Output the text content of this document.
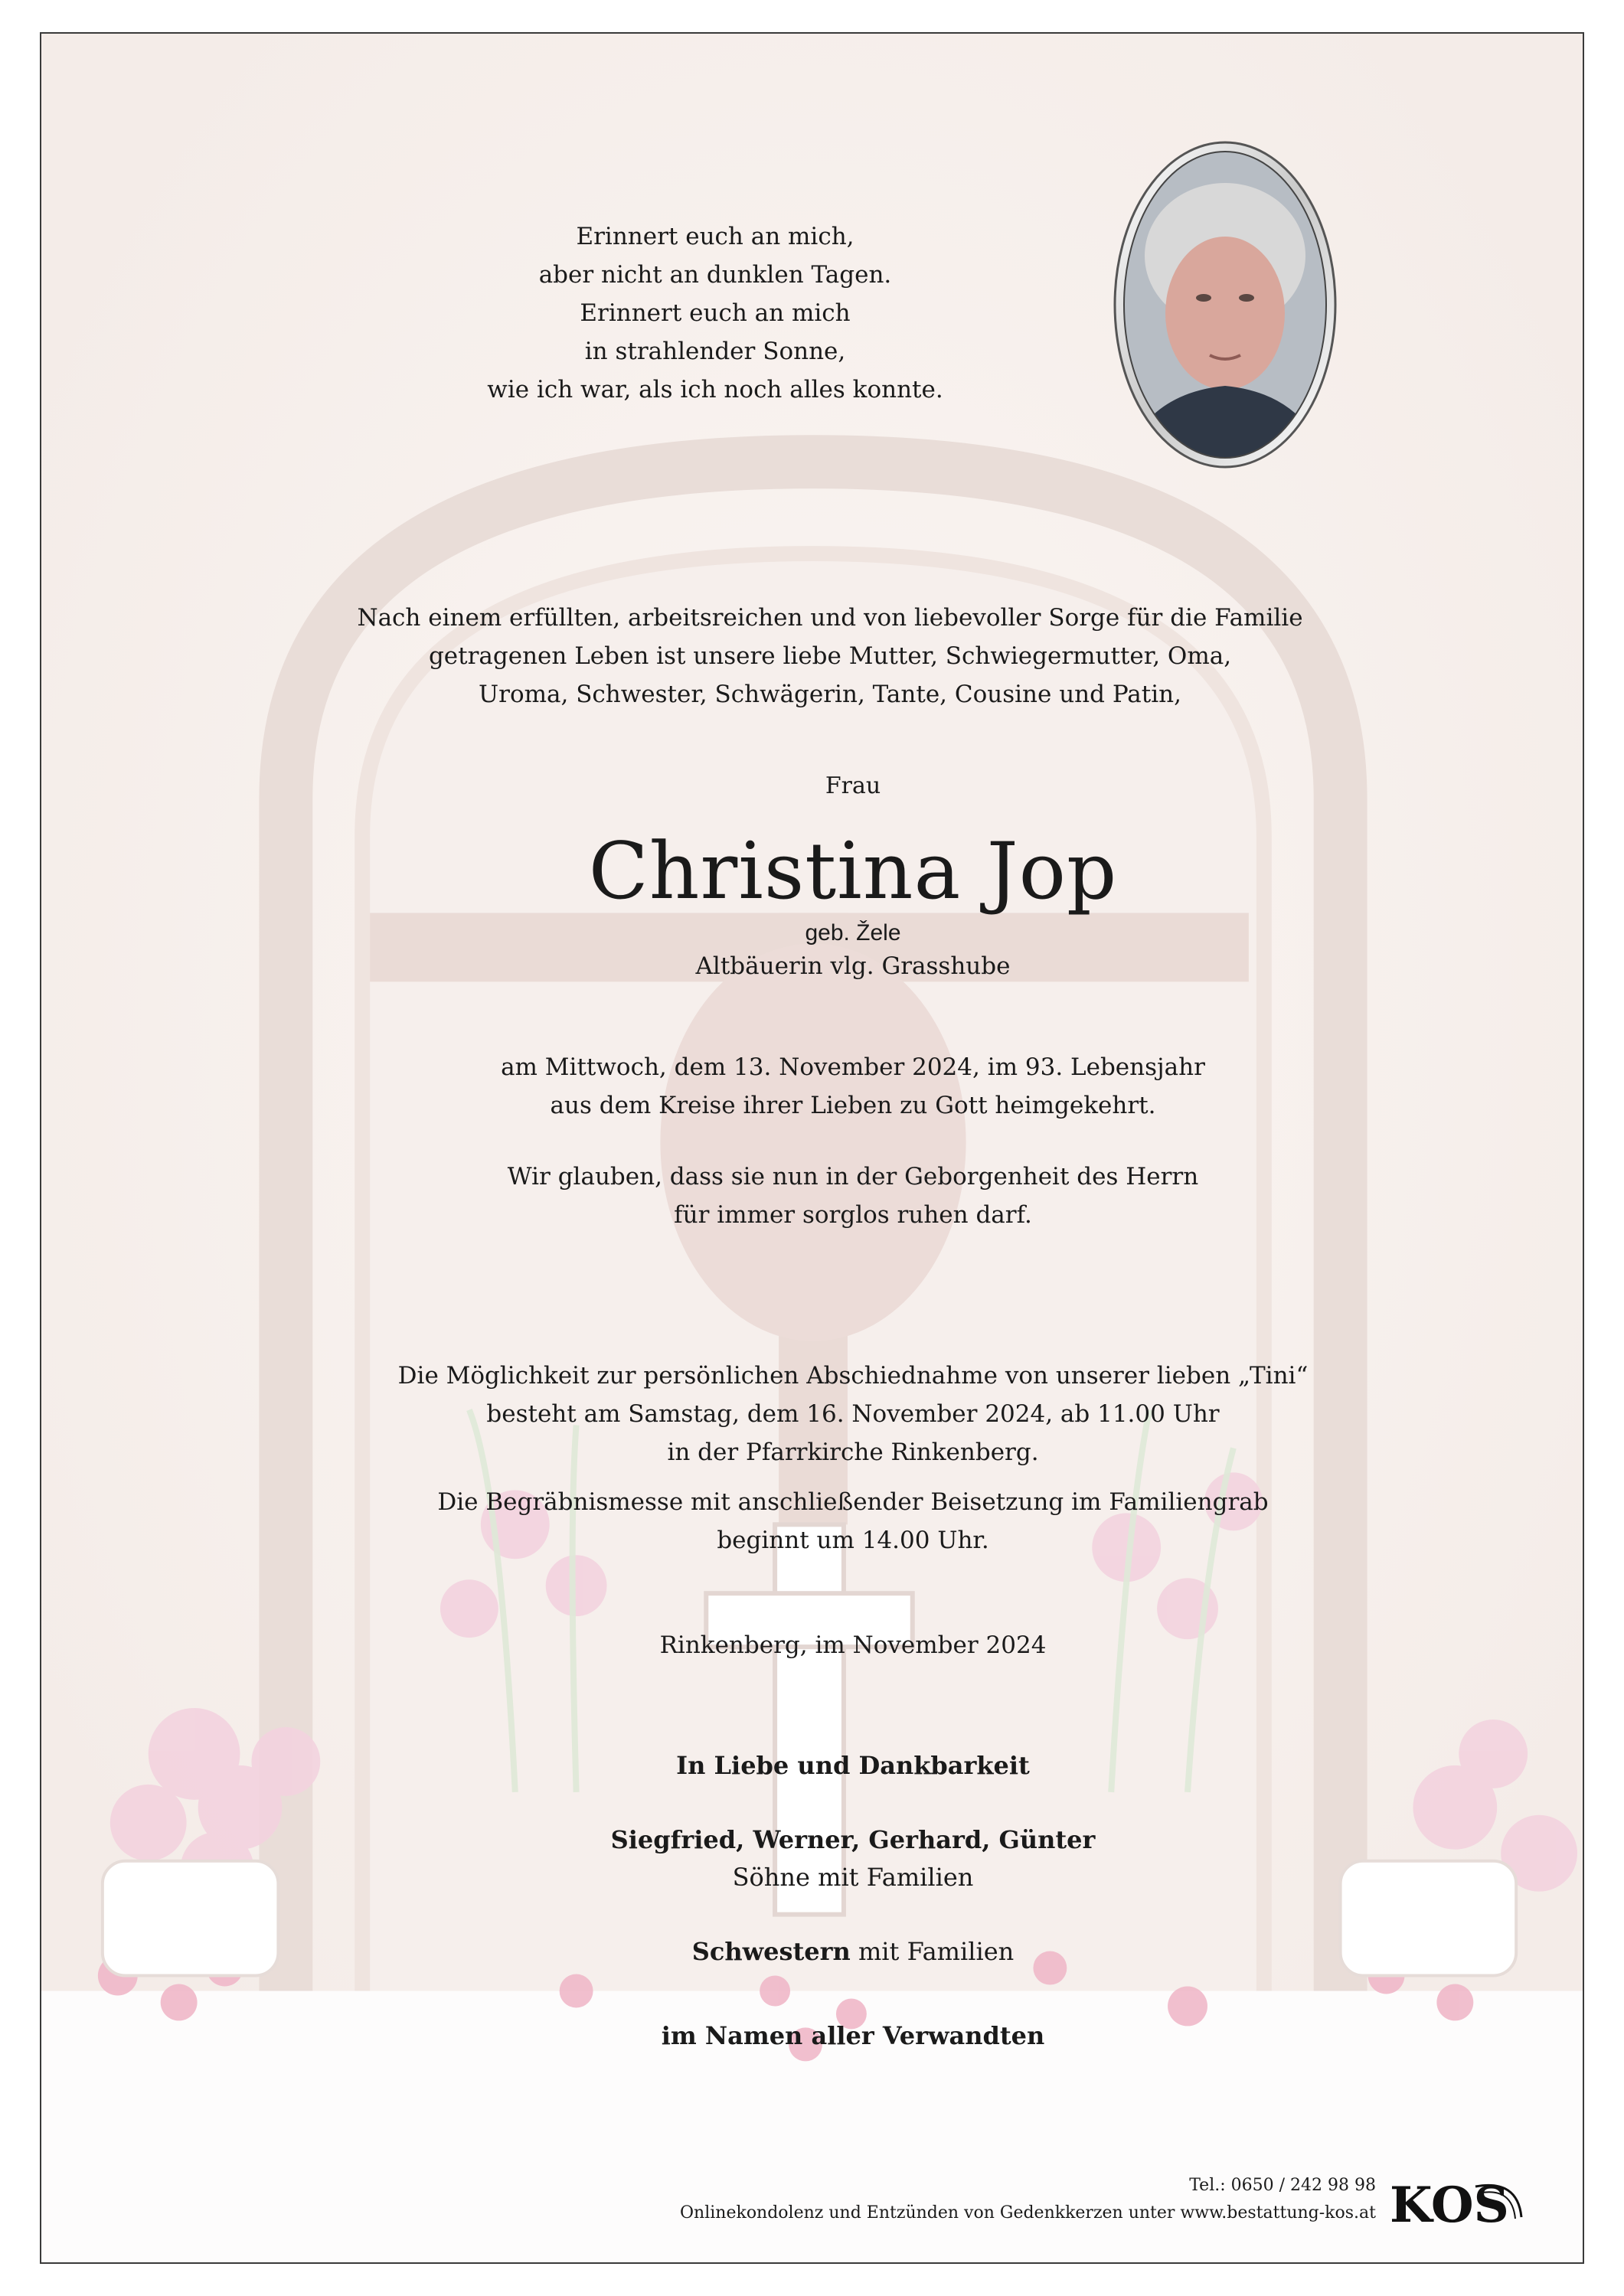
Erinnert euch an mich,
aber nicht an dunklen Tagen.
Erinnert euch an mich
in strahlender Sonne,
wie ich war, als ich noch alles konnte.
Nach einem erfüllten, arbeitsreichen und von liebevoller Sorge für die Familie
getragenen Leben ist unsere liebe Mutter, Schwiegermutter, Oma,
Uroma, Schwester, Schwägerin, Tante, Cousine und Patin,
Frau
Christina Jop
geb. Žele
Altbäuerin vlg. Grasshube
am Mittwoch, dem 13. November 2024, im 93. Lebensjahr
aus dem Kreise ihrer Lieben zu Gott heimgekehrt.
Wir glauben, dass sie nun in der Geborgenheit des Herrn
für immer sorglos ruhen darf.
Die Möglichkeit zur persönlichen Abschiednahme von unserer lieben „Tini“
besteht am Samstag, dem 16. November 2024, ab 11.00 Uhr
in der Pfarrkirche Rinkenberg.
Die Begräbnismesse mit anschließender Beisetzung im Familiengrab
beginnt um 14.00 Uhr.
Rinkenberg, im November 2024
In Liebe und Dankbarkeit
Siegfried, Werner, Gerhard, Günter
Söhne mit Familien
Schwestern mit Familien
im Namen aller Verwandten
Tel.: 0650 / 242 98 98
Onlinekondolenz und Entzünden von Gedenkkerzen unter www.bestattung-kos.at KOS
